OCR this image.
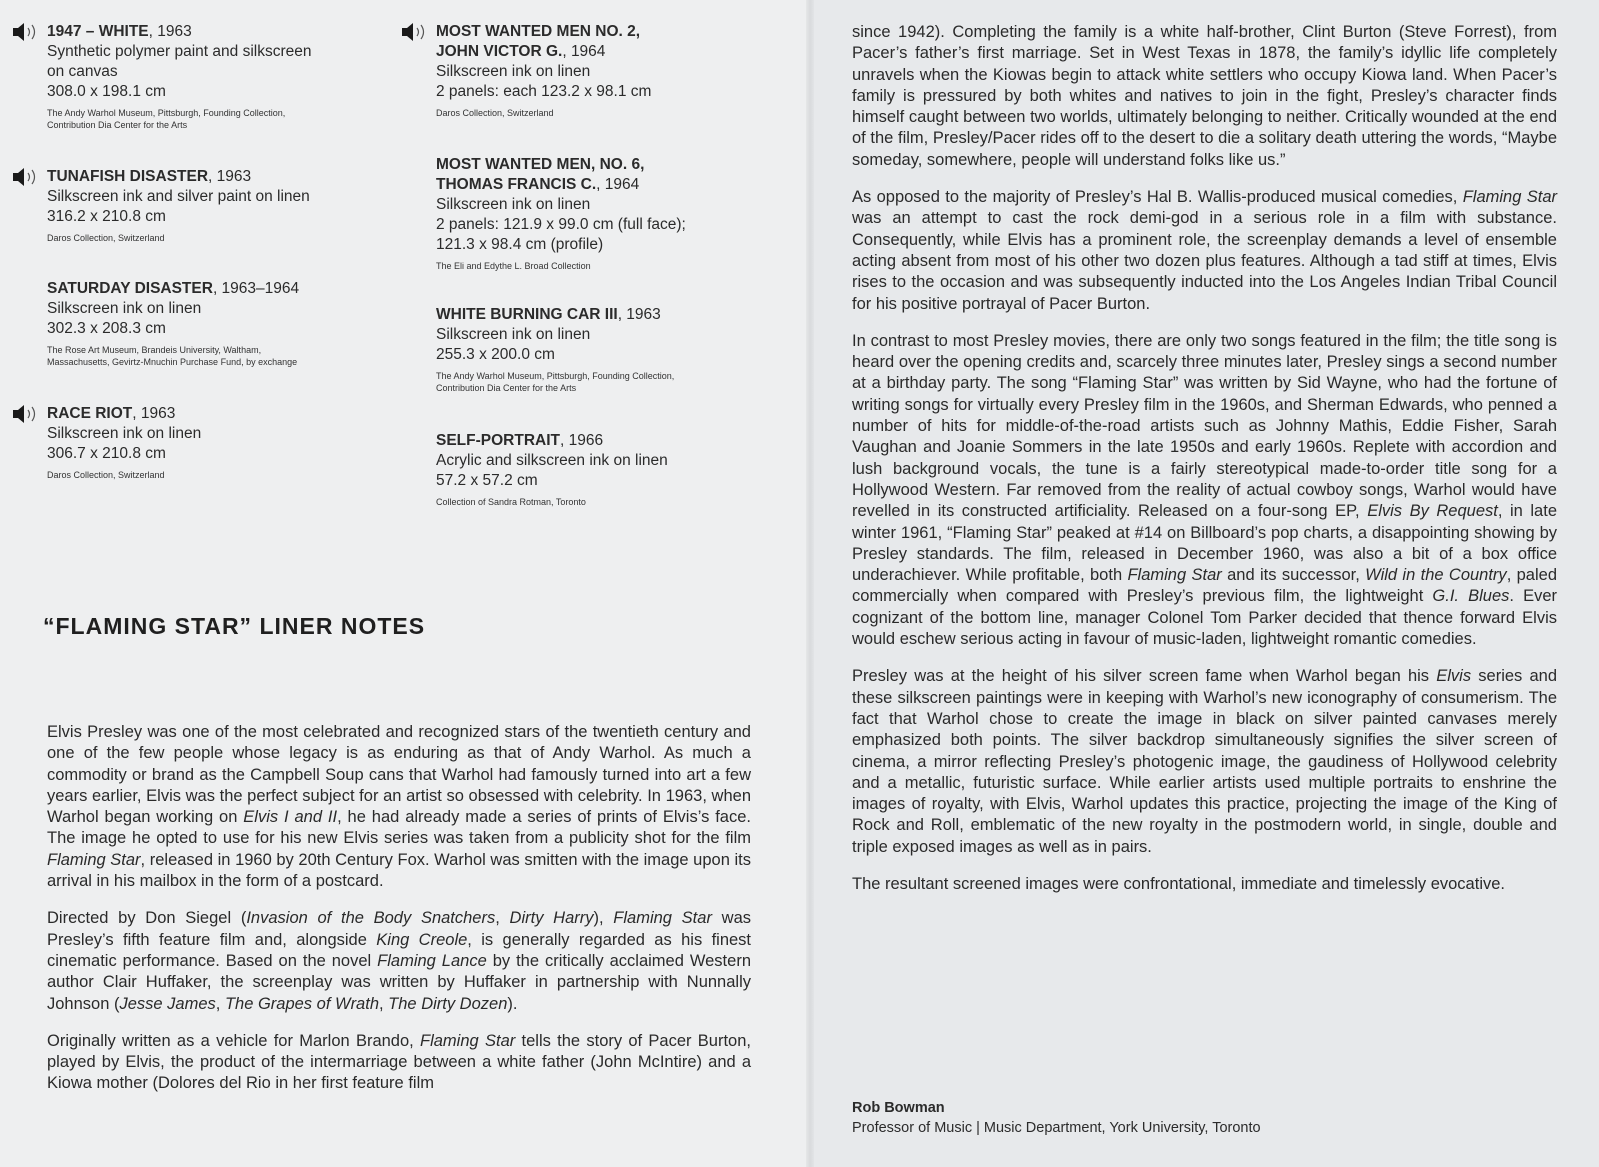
1947 – WHITE, 1963
Synthetic polymer paint and silkscreen
on canvas
308.0 x 198.1 cm
The Andy Warhol Museum, Pittsburgh, Founding Collection,
Contribution Dia Center for the Arts
TUNAFISH DISASTER, 1963
Silkscreen ink and silver paint on linen
316.2 x 210.8 cm
Daros Collection, Switzerland
SATURDAY DISASTER, 1963–1964
Silkscreen ink on linen
302.3 x 208.3 cm
The Rose Art Museum, Brandeis University, Waltham,
Massachusetts, Gevirtz-Mnuchin Purchase Fund, by exchange
RACE RIOT, 1963
Silkscreen ink on linen
306.7 x 210.8 cm
Daros Collection, Switzerland
MOST WANTED MEN NO. 2,
JOHN VICTOR G., 1964
Silkscreen ink on linen
2 panels: each 123.2 x 98.1 cm
Daros Collection, Switzerland
MOST WANTED MEN, NO. 6,
THOMAS FRANCIS C., 1964
Silkscreen ink on linen
2 panels: 121.9 x 99.0 cm (full face);
121.3 x 98.4 cm (profile)
The Eli and Edythe L. Broad Collection
WHITE BURNING CAR III, 1963
Silkscreen ink on linen
255.3 x 200.0 cm
The Andy Warhol Museum, Pittsburgh, Founding Collection,
Contribution Dia Center for the Arts
SELF-PORTRAIT, 1966
Acrylic and silkscreen ink on linen
57.2 x 57.2 cm
Collection of Sandra Rotman, Toronto
“FLAMING STAR” LINER NOTES

Elvis Presley was one of the most celebrated and recognized stars of the twentieth century and one of the few people whose legacy is as enduring as that of Andy Warhol. As much a commodity or brand as the Campbell Soup cans that Warhol had famously turned into art a few years earlier, Elvis was the perfect subject for an artist so obsessed with celebrity. In 1963, when Warhol began working on Elvis I and II, he had already made a series of prints of Elvis’s face. The image he opted to use for his new Elvis series was taken from a publicity shot for the film Flaming Star, released in 1960 by 20th Century Fox. Warhol was smitten with the image upon its arrival in his mailbox in the form of a postcard.

Directed by Don Siegel (Invasion of the Body Snatchers, Dirty Harry), Flaming Star was Presley’s fifth feature film and, alongside King Creole, is generally regarded as his finest cinematic performance. Based on the novel Flaming Lance by the critically acclaimed Western author Clair Huffaker, the screenplay was written by Huffaker in partnership with Nunnally Johnson (Jesse James, The Grapes of Wrath, The Dirty Dozen).

Originally written as a vehicle for Marlon Brando, Flaming Star tells the story of Pacer Burton, played by Elvis, the product of the intermarriage between a white father (John McIntire) and a Kiowa mother (Dolores del Rio in her first feature film

since 1942). Completing the family is a white half-brother, Clint Burton (Steve Forrest), from Pacer’s father’s first marriage. Set in West Texas in 1878, the family’s idyllic life completely unravels when the Kiowas begin to attack white settlers who occupy Kiowa land. When Pacer’s family is pressured by both whites and natives to join in the fight, Presley’s character finds himself caught between two worlds, ultimately belonging to neither. Critically wounded at the end of the film, Presley/Pacer rides off to the desert to die a solitary death uttering the words, “Maybe someday, somewhere, people will understand folks like us.”

As opposed to the majority of Presley’s Hal B. Wallis-produced musical comedies, Flaming Star was an attempt to cast the rock demi-god in a serious role in a film with substance. Consequently, while Elvis has a prominent role, the screenplay demands a level of ensemble acting absent from most of his other two dozen plus features. Although a tad stiff at times, Elvis rises to the occasion and was subsequently inducted into the Los Angeles Indian Tribal Council for his positive portrayal of Pacer Burton.

In contrast to most Presley movies, there are only two songs featured in the film; the title song is heard over the opening credits and, scarcely three minutes later, Presley sings a second number at a birthday party. The song “Flaming Star” was written by Sid Wayne, who had the fortune of writing songs for virtually every Presley film in the 1960s, and Sherman Edwards, who penned a number of hits for middle-of-the-road artists such as Johnny Mathis, Eddie Fisher, Sarah Vaughan and Joanie Sommers in the late 1950s and early 1960s. Replete with accordion and lush background vocals, the tune is a fairly stereotypical made-to-order title song for a Hollywood Western. Far removed from the reality of actual cowboy songs, Warhol would have revelled in its constructed artificiality. Released on a four-song EP, Elvis By Request, in late winter 1961, “Flaming Star” peaked at #14 on Billboard’s pop charts, a disappointing showing by Presley standards. The film, released in December 1960, was also a bit of a box office underachiever. While profitable, both Flaming Star and its successor, Wild in the Country, paled commercially when compared with Presley’s previous film, the lightweight G.I. Blues. Ever cognizant of the bottom line, manager Colonel Tom Parker decided that thence forward Elvis would eschew serious acting in favour of music-laden, lightweight romantic comedies.

Presley was at the height of his silver screen fame when Warhol began his Elvis series and these silkscreen paintings were in keeping with Warhol’s new iconography of consumerism. The fact that Warhol chose to create the image in black on silver painted canvases merely emphasized both points. The silver backdrop simultaneously signifies the silver screen of cinema, a mirror reflecting Presley’s photogenic image, the gaudiness of Hollywood celebrity and a metallic, futuristic surface. While earlier artists used multiple portraits to enshrine the images of royalty, with Elvis, Warhol updates this practice, projecting the image of the King of Rock and Roll, emblematic of the new royalty in the postmodern world, in single, double and triple exposed images as well as in pairs.

The resultant screened images were confrontational, immediate and timelessly evocative.

Rob Bowman
Professor of Music | Music Department, York University, Toronto
